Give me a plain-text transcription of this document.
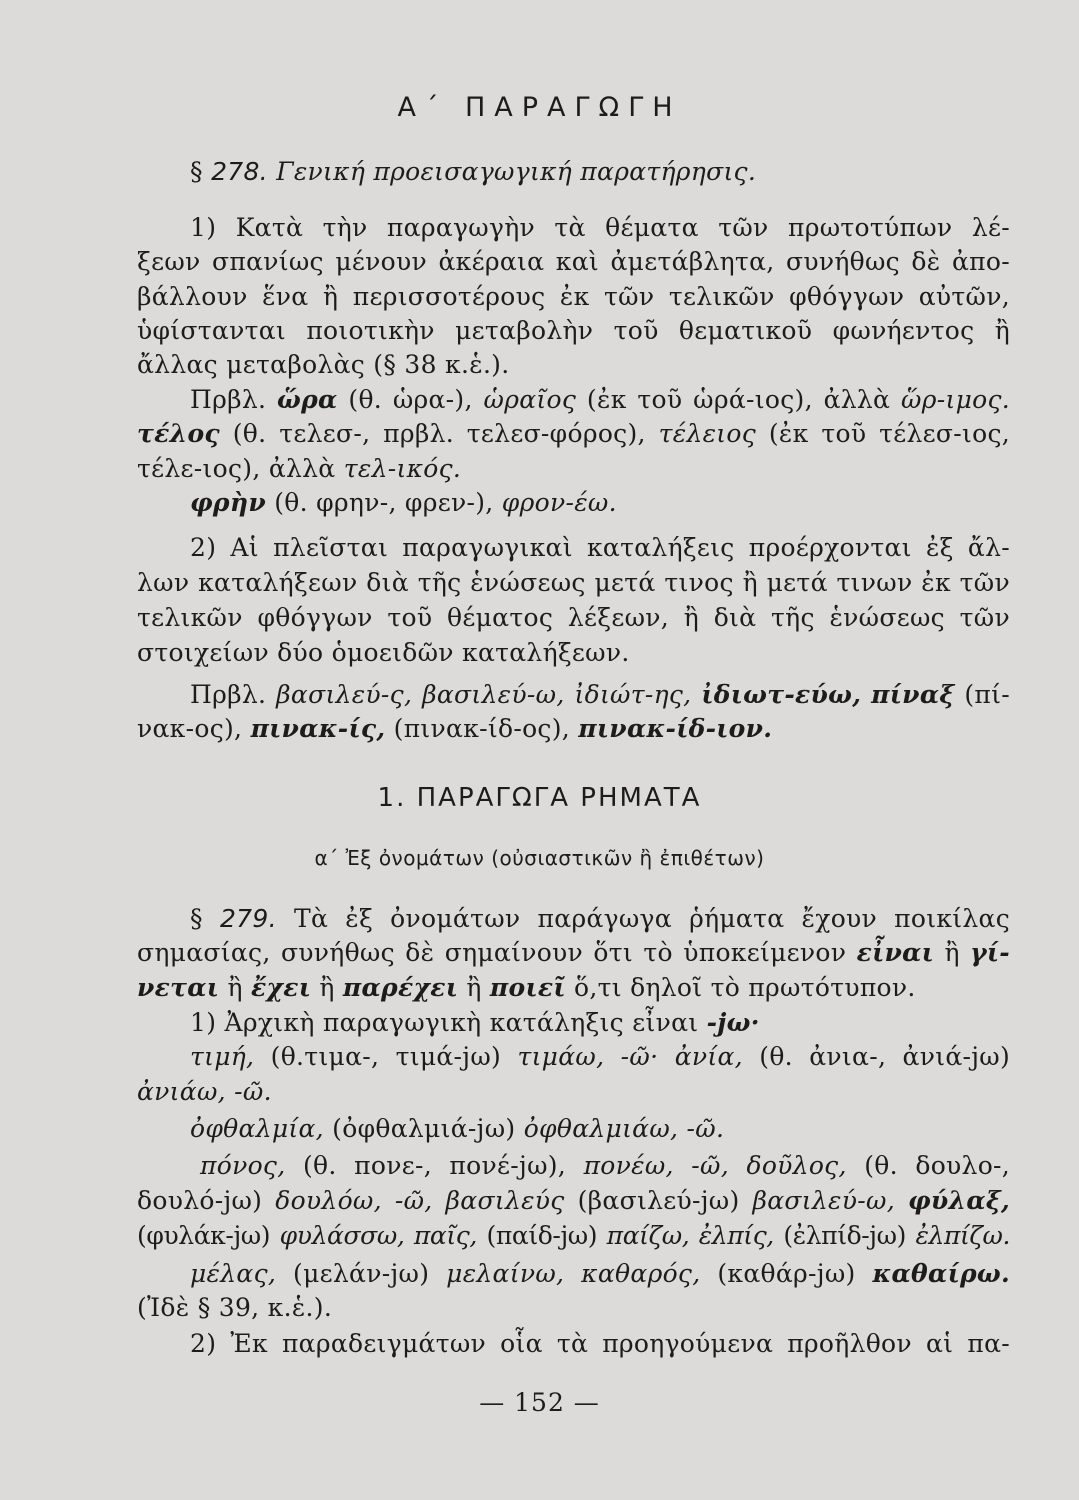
Α΄ ΠΑΡΑΓΩΓΗ
§ 278. Γενική προεισαγωγική παρατήρησις.
1) Κατὰ τὴν παραγωγὴν τὰ θέματα τῶν πρωτοτύπων λέ-
ξεων σπανίως μένουν ἀκέραια καὶ ἀμετάβλητα, συνήθως δὲ ἀπο-
βάλλουν ἕνα ἢ περισσοτέρους ἐκ τῶν τελικῶν φθόγγων αὐτῶν,
ὑφίστανται ποιοτικὴν μεταβολὴν τοῦ θεματικοῦ φωνήεντος ἢ
ἄλλας μεταβολὰς (§ 38 κ.ἑ.).
Πρβλ. ὥρα (θ. ὡρα-), ὡραῖος (ἐκ τοῦ ὡρά-ιος), ἀλλὰ ὥρ-ιμος.
τέλος (θ. τελεσ-, πρβλ. τελεσ-φόρος), τέλειος (ἐκ τοῦ τέλεσ-ιος,
τέλε-ιος), ἀλλὰ τελ-ικός.
φρὴν (θ. φρην-, φρεν-), φρον-έω.
2) Αἱ πλεῖσται παραγωγικαὶ καταλήξεις προέρχονται ἐξ ἄλ-
λων καταλήξεων διὰ τῆς ἑνώσεως μετά τινος ἢ μετά τινων ἐκ τῶν
τελικῶν φθόγγων τοῦ θέματος λέξεων, ἢ διὰ τῆς ἑνώσεως τῶν
στοιχείων δύο ὁμοειδῶν καταλήξεων.
Πρβλ. βασιλεύ-ς, βασιλεύ-ω, ἰδιώτ-ης, ἰδιωτ-εύω, πίναξ (πί-
νακ-ος), πινακ-ίς, (πινακ-ίδ-ος), πινακ-ίδ-ιον.
1. ΠΑΡΑΓΩΓΑ ΡΗΜΑΤΑ
α΄ Ἐξ ὀνομάτων (οὐσιαστικῶν ἢ ἐπιθέτων)
§ 279. Τὰ ἐξ ὀνομάτων παράγωγα ῥήματα ἔχουν ποικίλας
σημασίας, συνήθως δὲ σημαίνουν ὅτι τὸ ὑποκείμενον εἶναι ἢ γί-
νεται ἢ ἔχει ἢ παρέχει ἢ ποιεῖ ὅ,τι δηλοῖ τὸ πρωτότυπον.
1) Ἀρχικὴ παραγωγικὴ κατάληξις εἶναι -jω·
τιμή, (θ.τιμα-, τιμά-jω) τιμάω, -ῶ· ἀνία, (θ. ἀνια-, ἀνιά-jω)
ἀνιάω, -ῶ.
ὀφθαλμία, (ὀφθαλμιά-jω) ὀφθαλμιάω, -ῶ.
πόνος, (θ. πονε-, πονέ-jω), πονέω, -ῶ, δοῦλος, (θ. δουλο-,
δουλό-jω) δουλόω, -ῶ, βασιλεύς (βασιλεύ-jω) βασιλεύ-ω, φύλαξ,
(φυλάκ-jω) φυλάσσω, παῖς, (παίδ-jω) παίζω, ἐλπίς, (ἐλπίδ-jω) ἐλπίζω.
μέλας, (μελάν-jω) μελαίνω, καθαρός, (καθάρ-jω) καθαίρω.
(Ἰδὲ § 39, κ.ἑ.).
2) Ἐκ παραδειγμάτων οἷα τὰ προηγούμενα προῆλθον αἱ πα-
— 152 —
